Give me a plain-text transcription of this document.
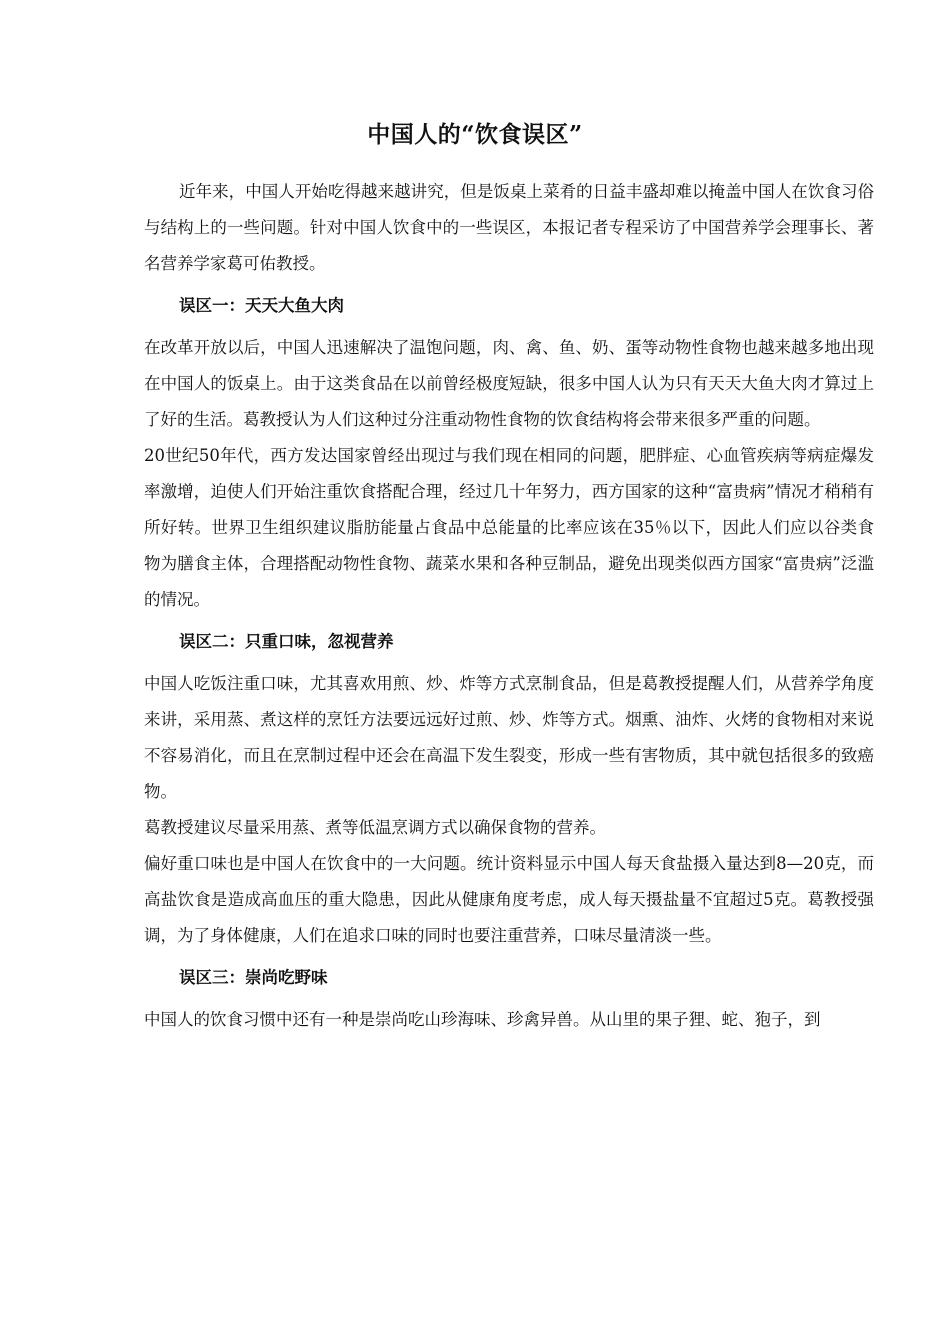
中国人的“饮食误区”

近年来，中国人开始吃得越来越讲究，但是饭桌上菜肴的日益丰盛却难以掩盖中国人在饮食习俗与结构上的一些问题。针对中国人饮食中的一些误区，本报记者专程采访了中国营养学会理事长、著名营养学家葛可佑教授。

误区一：天天大鱼大肉

在改革开放以后，中国人迅速解决了温饱问题，肉、禽、鱼、奶、蛋等动物性食物也越来越多地出现在中国人的饭桌上。由于这类食品在以前曾经极度短缺，很多中国人认为只有天天大鱼大肉才算过上了好的生活。葛教授认为人们这种过分注重动物性食物的饮食结构将会带来很多严重的问题。

20世纪50年代，西方发达国家曾经出现过与我们现在相同的问题，肥胖症、心血管疾病等病症爆发率激增，迫使人们开始注重饮食搭配合理，经过几十年努力，西方国家的这种“富贵病”情况才稍稍有所好转。世界卫生组织建议脂肪能量占食品中总能量的比率应该在35％以下，因此人们应以谷类食物为膳食主体，合理搭配动物性食物、蔬菜水果和各种豆制品，避免出现类似西方国家“富贵病”泛滥的情况。

误区二：只重口味，忽视营养

中国人吃饭注重口味，尤其喜欢用煎、炒、炸等方式烹制食品，但是葛教授提醒人们，从营养学角度来讲，采用蒸、煮这样的烹饪方法要远远好过煎、炒、炸等方式。烟熏、油炸、火烤的食物相对来说不容易消化，而且在烹制过程中还会在高温下发生裂变，形成一些有害物质，其中就包括很多的致癌物。

葛教授建议尽量采用蒸、煮等低温烹调方式以确保食物的营养。

偏好重口味也是中国人在饮食中的一大问题。统计资料显示中国人每天食盐摄入量达到8—20克，而高盐饮食是造成高血压的重大隐患，因此从健康角度考虑，成人每天摄盐量不宜超过5克。葛教授强调，为了身体健康，人们在追求口味的同时也要注重营养，口味尽量清淡一些。

误区三：崇尚吃野味

中国人的饮食习惯中还有一种是崇尚吃山珍海味、珍禽异兽。从山里的果子狸、蛇、狍子，到
